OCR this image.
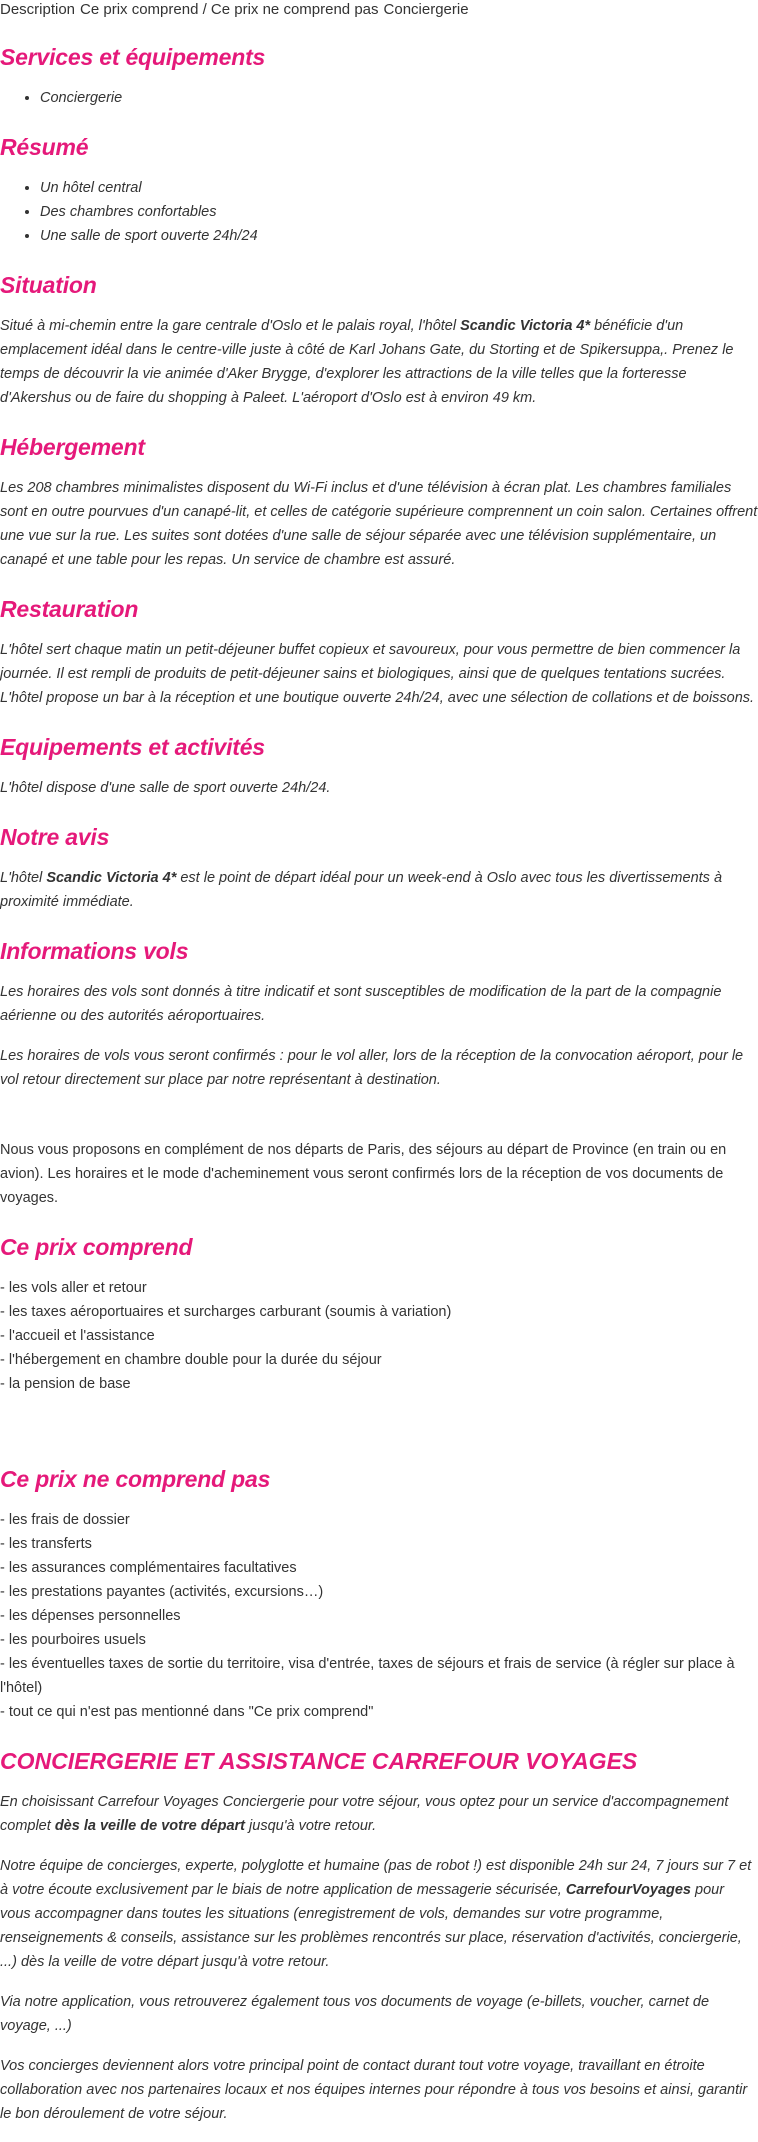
Description Ce prix comprend / Ce prix ne comprend pas Conciergerie
Services et équipements
• Conciergerie
Résumé
• Un hôtel central
• Des chambres confortables
• Une salle de sport ouverte 24h/24
Situation

Situé à mi-chemin entre la gare centrale d'Oslo et le palais royal, l'hôtel Scandic Victoria 4* bénéficie d'un emplacement idéal dans le centre-ville juste à côté de Karl Johans Gate, du Storting et de Spikersuppa,. Prenez le temps de découvrir la vie animée d'Aker Brygge, d'explorer les attractions de la ville telles que la forteresse d'Akershus ou de faire du shopping à Paleet. L'aéroport d'Oslo est à environ 49 km.

Hébergement

Les 208 chambres minimalistes disposent du Wi-Fi inclus et d'une télévision à écran plat. Les chambres familiales sont en outre pourvues d'un canapé-lit, et celles de catégorie supérieure comprennent un coin salon. Certaines offrent une vue sur la rue. Les suites sont dotées d'une salle de séjour séparée avec une télévision supplémentaire, un canapé et une table pour les repas. Un service de chambre est assuré.

Restauration

L'hôtel sert chaque matin un petit-déjeuner buffet copieux et savoureux, pour vous permettre de bien commencer la journée. Il est rempli de produits de petit-déjeuner sains et biologiques, ainsi que de quelques tentations sucrées. L'hôtel propose un bar à la réception et une boutique ouverte 24h/24, avec une sélection de collations et de boissons.

Equipements et activités

L'hôtel dispose d'une salle de sport ouverte 24h/24.

Notre avis

L'hôtel Scandic Victoria 4* est le point de départ idéal pour un week-end à Oslo avec tous les divertissements à proximité immédiate.

Informations vols

Les horaires des vols sont donnés à titre indicatif et sont susceptibles de modification de la part de la compagnie aérienne ou des autorités aéroportuaires.

Les horaires de vols vous seront confirmés : pour le vol aller, lors de la réception de la convocation aéroport, pour le vol retour directement sur place par notre représentant à destination.

Nous vous proposons en complément de nos départs de Paris, des séjours au départ de Province (en train ou en avion). Les horaires et le mode d'acheminement vous seront confirmés lors de la réception de vos documents de voyages.

Ce prix comprend
- les vols aller et retour
- les taxes aéroportuaires et surcharges carburant (soumis à variation)
- l'accueil et l'assistance
- l'hébergement en chambre double pour la durée du séjour
- la pension de base
Ce prix ne comprend pas
- les frais de dossier
- les transferts
- les assurances complémentaires facultatives
- les prestations payantes (activités, excursions…)
- les dépenses personnelles
- les pourboires usuels
- les éventuelles taxes de sortie du territoire, visa d'entrée, taxes de séjours et frais de service (à régler sur place à l'hôtel)
- tout ce qui n'est pas mentionné dans "Ce prix comprend"
CONCIERGERIE ET ASSISTANCE CARREFOUR VOYAGES

En choisissant Carrefour Voyages Conciergerie pour votre séjour, vous optez pour un service d'accompagnement complet dès la veille de votre départ jusqu'à votre retour.

Notre équipe de concierges, experte, polyglotte et humaine (pas de robot !) est disponible 24h sur 24, 7 jours sur 7 et à votre écoute exclusivement par le biais de notre application de messagerie sécurisée, CarrefourVoyages pour vous accompagner dans toutes les situations (enregistrement de vols, demandes sur votre programme, renseignements & conseils, assistance sur les problèmes rencontrés sur place, réservation d'activités, conciergerie, ...) dès la veille de votre départ jusqu'à votre retour.

Via notre application, vous retrouverez également tous vos documents de voyage (e-billets, voucher, carnet de voyage, ...)

Vos concierges deviennent alors votre principal point de contact durant tout votre voyage, travaillant en étroite collaboration avec nos partenaires locaux et nos équipes internes pour répondre à tous vos besoins et ainsi, garantir le bon déroulement de votre séjour.
